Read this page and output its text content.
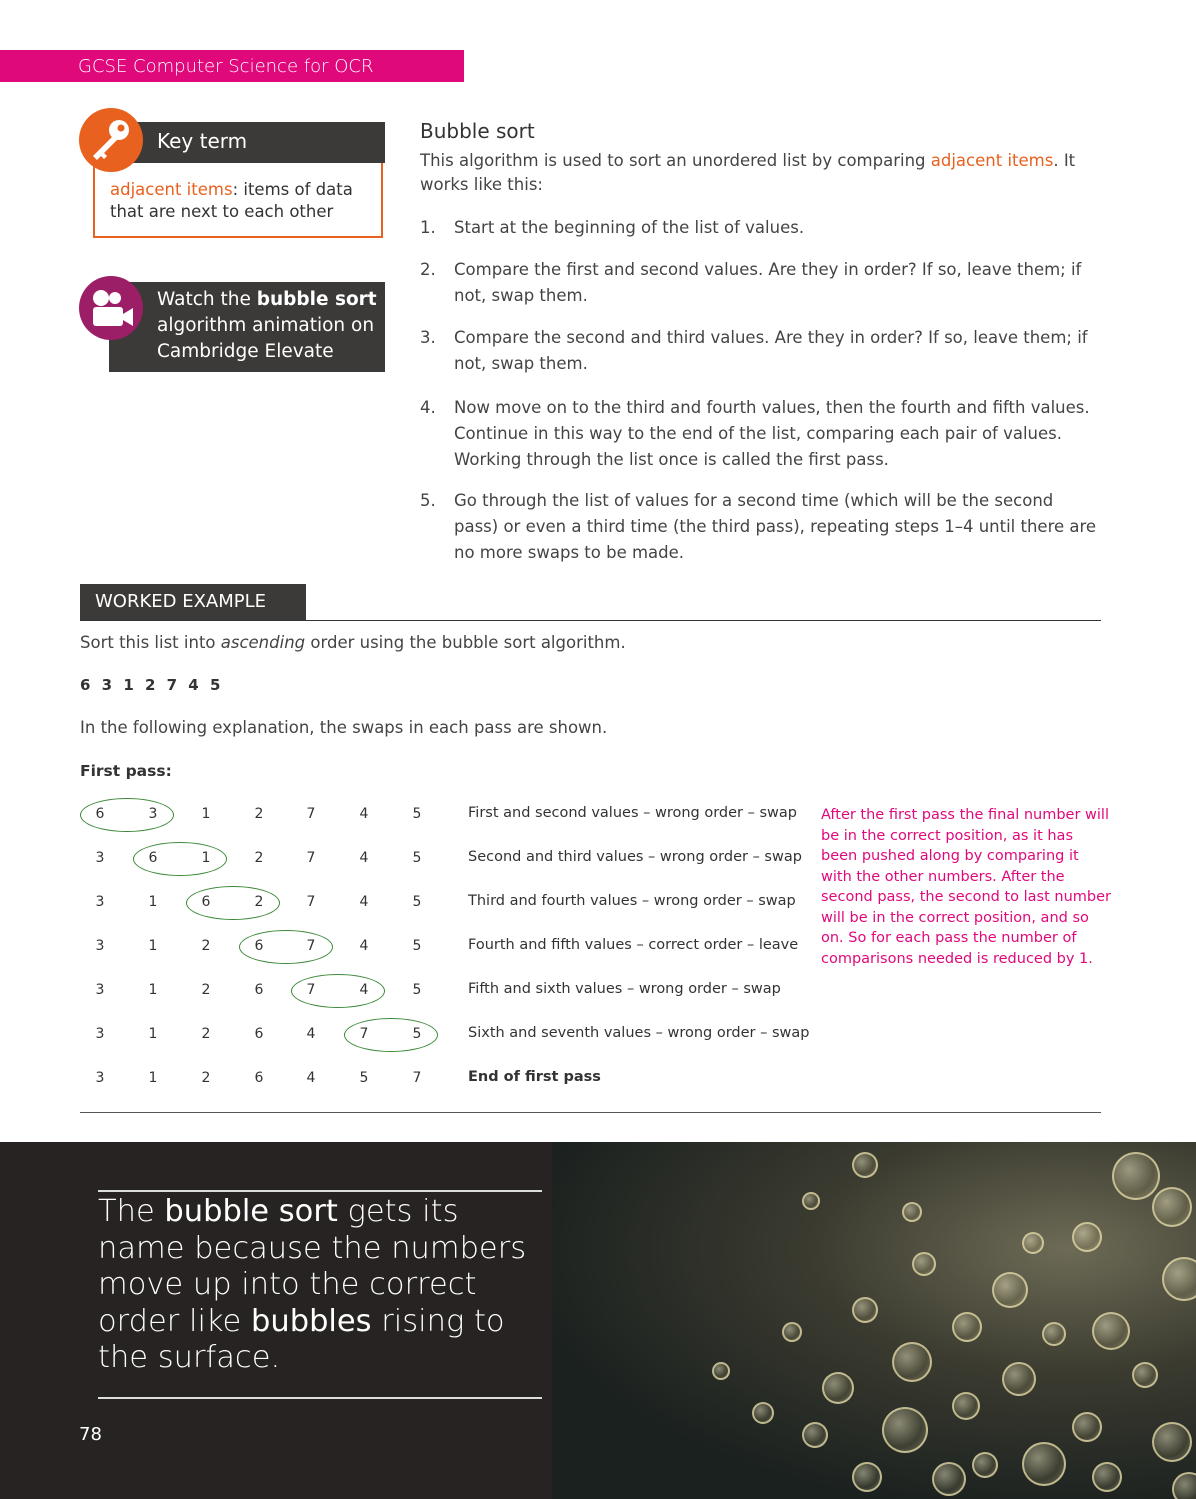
GCSE Computer Science for OCR
Key term
adjacent items: items of data that are next to each other
Watch the bubble sort algorithm animation on Cambridge Elevate
Bubble sort
This algorithm is used to sort an unordered list by comparing adjacent items. It works like this:
1. Start at the beginning of the list of values.
2. Compare the first and second values. Are they in order? If so, leave them; if not, swap them.
3. Compare the second and third values. Are they in order? If so, leave them; if not, swap them.
4. Now move on to the third and fourth values, then the fourth and fifth values. Continue in this way to the end of the list, comparing each pair of values. Working through the list once is called the first pass.
5. Go through the list of values for a second time (which will be the second pass) or even a third time (the third pass), repeating steps 1–4 until there are no more swaps to be made.
WORKED EXAMPLE
Sort this list into ascending order using the bubble sort algorithm.
6 3 1 2 7 4 5
In the following explanation, the swaps in each pass are shown.
First pass:
6	3	1	2	7	4	5	First and second values – wrong order – swap
3	6	1	2	7	4	5	Second and third values – wrong order – swap
3	1	6	2	7	4	5	Third and fourth values – wrong order – swap
3	1	2	6	7	4	5	Fourth and fifth values – correct order – leave
3	1	2	6	7	4	5	Fifth and sixth values – wrong order – swap
3	1	2	6	4	7	5	Sixth and seventh values – wrong order – swap
3	1	2	6	4	5	7	End of first pass
After the first pass the final number will be in the correct position, as it has been pushed along by comparing it with the other numbers. After the second pass, the second to last number will be in the correct position, and so on. So for each pass the number of comparisons needed is reduced by 1.
The bubble sort gets its name because the numbers move up into the correct order like bubbles rising to the surface.
78
